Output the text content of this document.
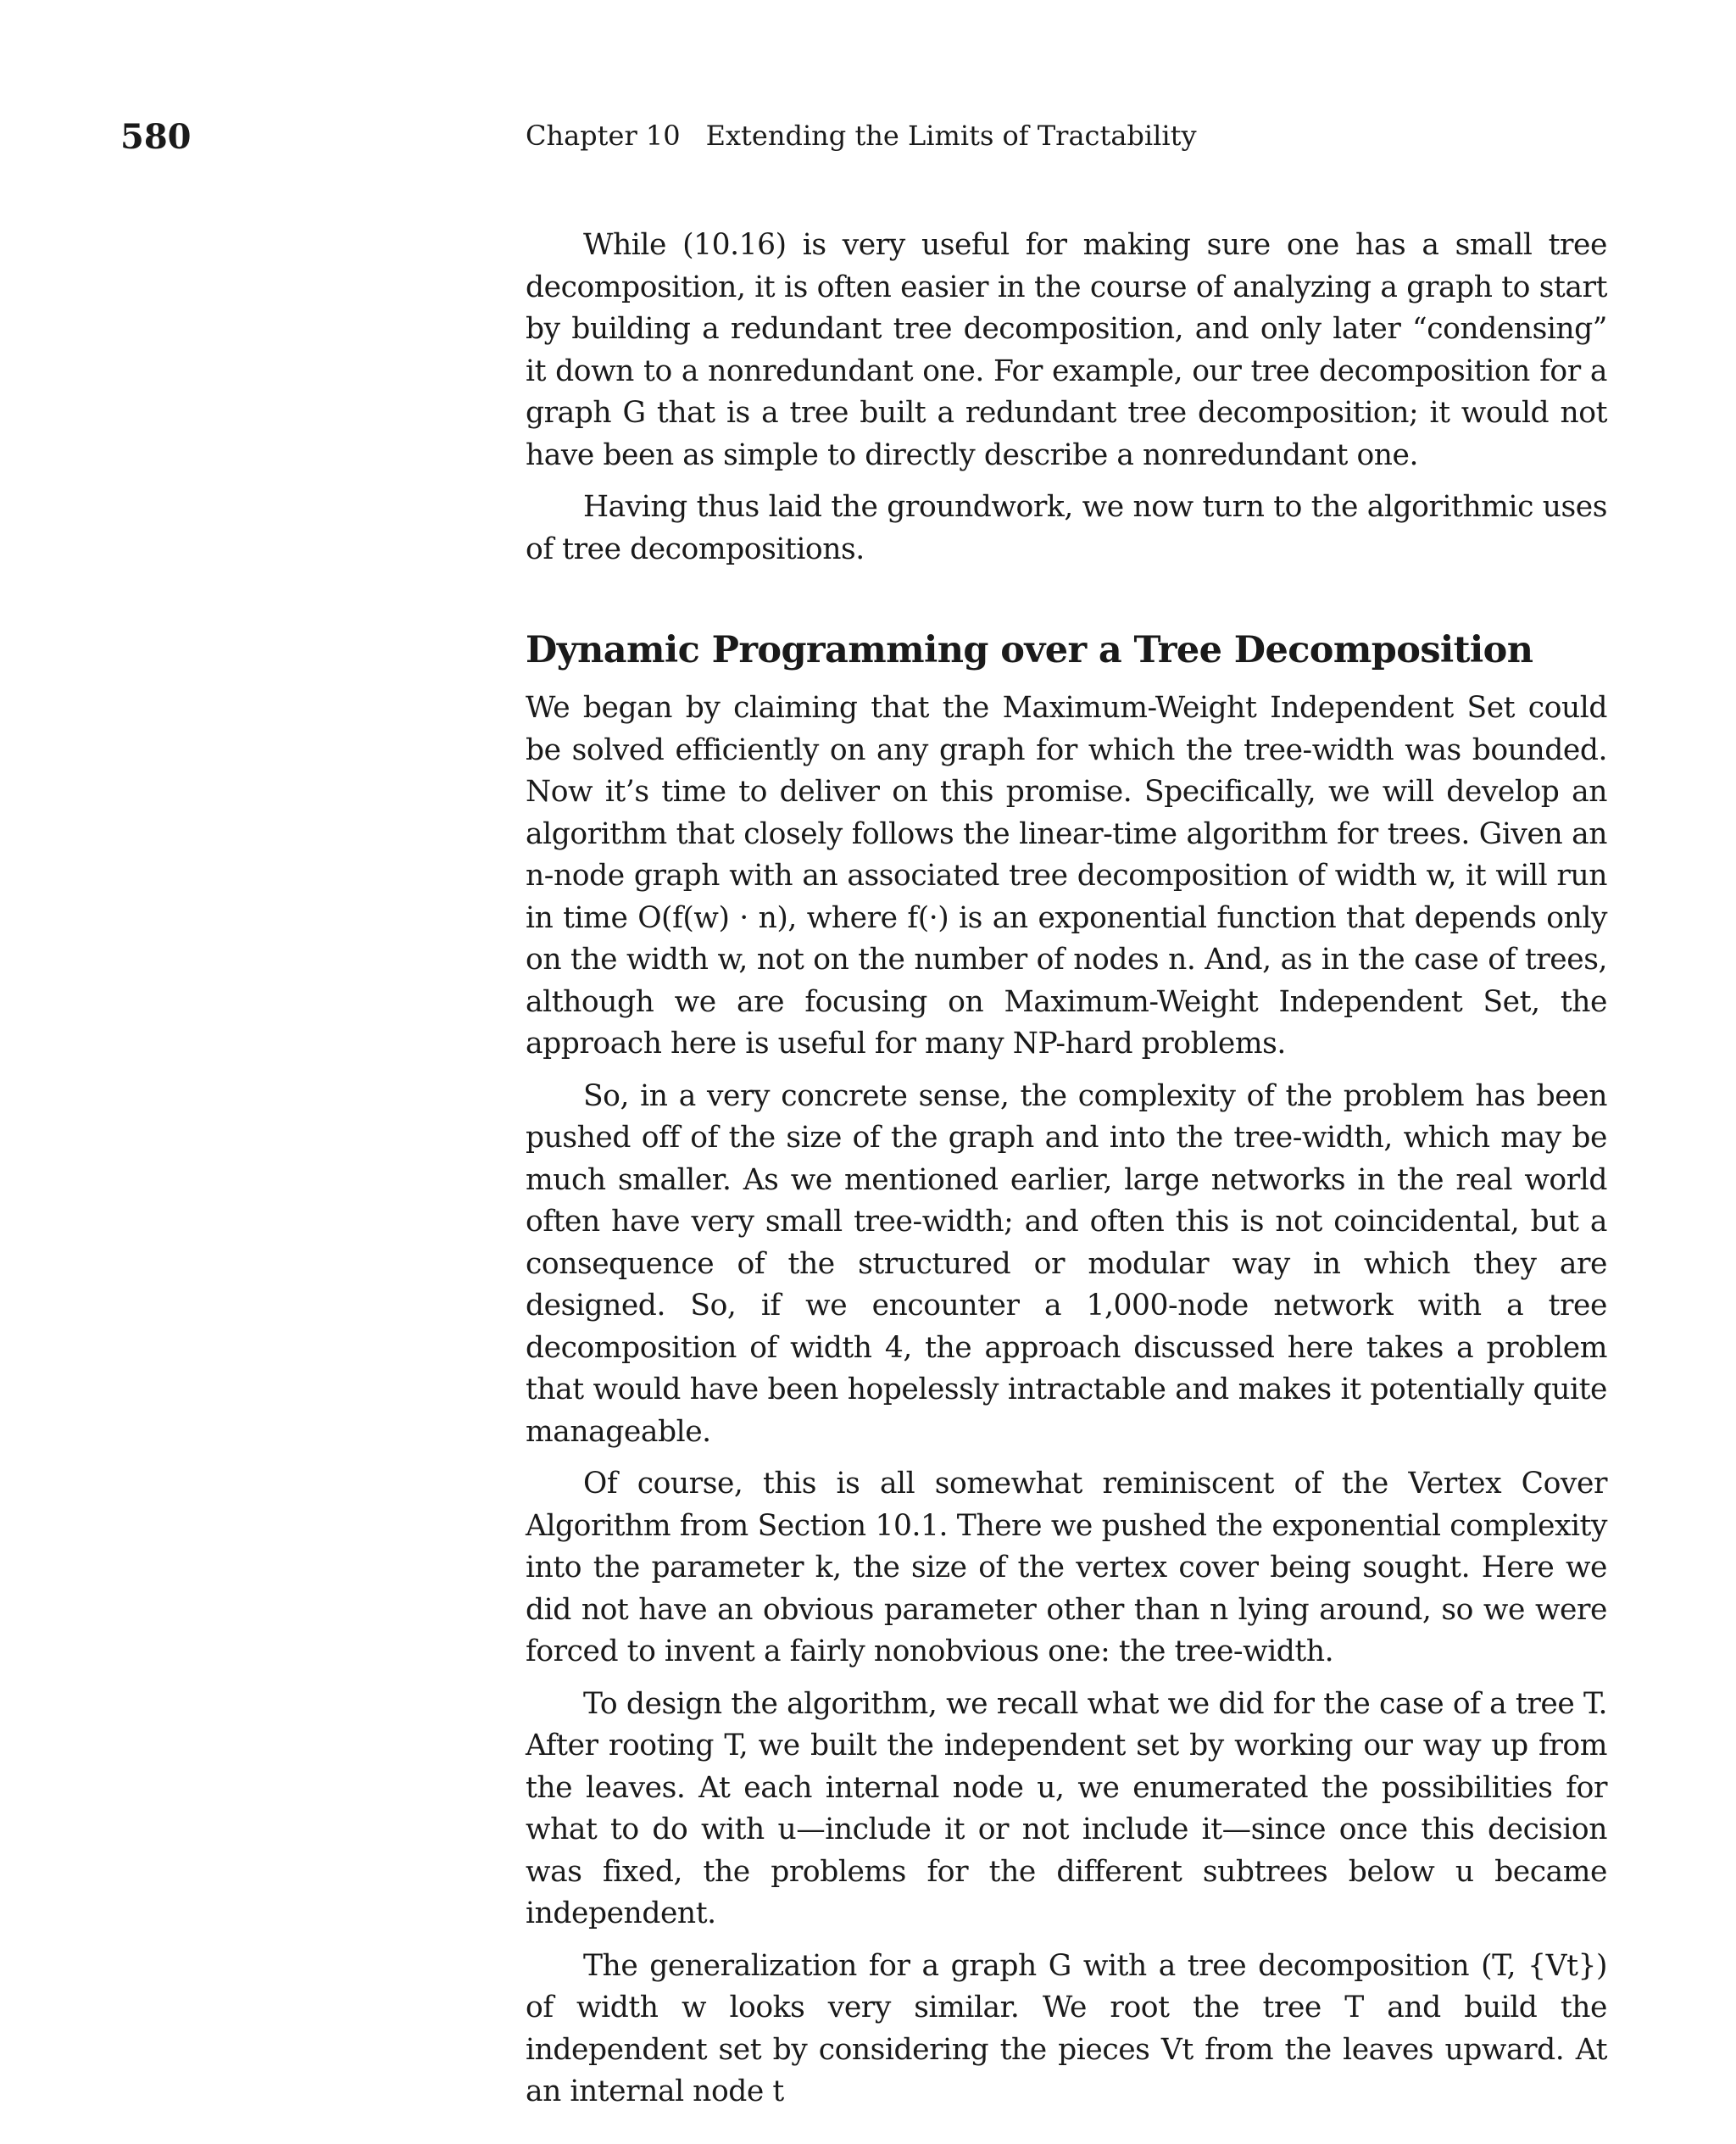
580	Chapter 10 Extending the Limits of Tractability

While (10.16) is very useful for making sure one has a small tree decomposition, it is often easier in the course of analyzing a graph to start by building a redundant tree decomposition, and only later “condensing” it down to a nonredundant one. For example, our tree decomposition for a graph G that is a tree built a redundant tree decomposition; it would not have been as simple to directly describe a nonredundant one.

Having thus laid the groundwork, we now turn to the algorithmic uses of tree decompositions.

Dynamic Programming over a Tree Decomposition

We began by claiming that the Maximum-Weight Independent Set could be solved efficiently on any graph for which the tree-width was bounded. Now it’s time to deliver on this promise. Specifically, we will develop an algorithm that closely follows the linear-time algorithm for trees. Given an n-node graph with an associated tree decomposition of width w, it will run in time O(f(w) · n), where f(·) is an exponential function that depends only on the width w, not on the number of nodes n. And, as in the case of trees, although we are focusing on Maximum-Weight Independent Set, the approach here is useful for many NP-hard problems.

So, in a very concrete sense, the complexity of the problem has been pushed off of the size of the graph and into the tree-width, which may be much smaller. As we mentioned earlier, large networks in the real world often have very small tree-width; and often this is not coincidental, but a consequence of the structured or modular way in which they are designed. So, if we encounter a 1,000-node network with a tree decomposition of width 4, the approach discussed here takes a problem that would have been hopelessly intractable and makes it potentially quite manageable.

Of course, this is all somewhat reminiscent of the Vertex Cover Algorithm from Section 10.1. There we pushed the exponential complexity into the parameter k, the size of the vertex cover being sought. Here we did not have an obvious parameter other than n lying around, so we were forced to invent a fairly nonobvious one: the tree-width.

To design the algorithm, we recall what we did for the case of a tree T. After rooting T, we built the independent set by working our way up from the leaves. At each internal node u, we enumerated the possibilities for what to do with u—include it or not include it—since once this decision was fixed, the problems for the different subtrees below u became independent.

The generalization for a graph G with a tree decomposition (T, {Vt}) of width w looks very similar. We root the tree T and build the independent set by considering the pieces Vt from the leaves upward. At an internal node t
